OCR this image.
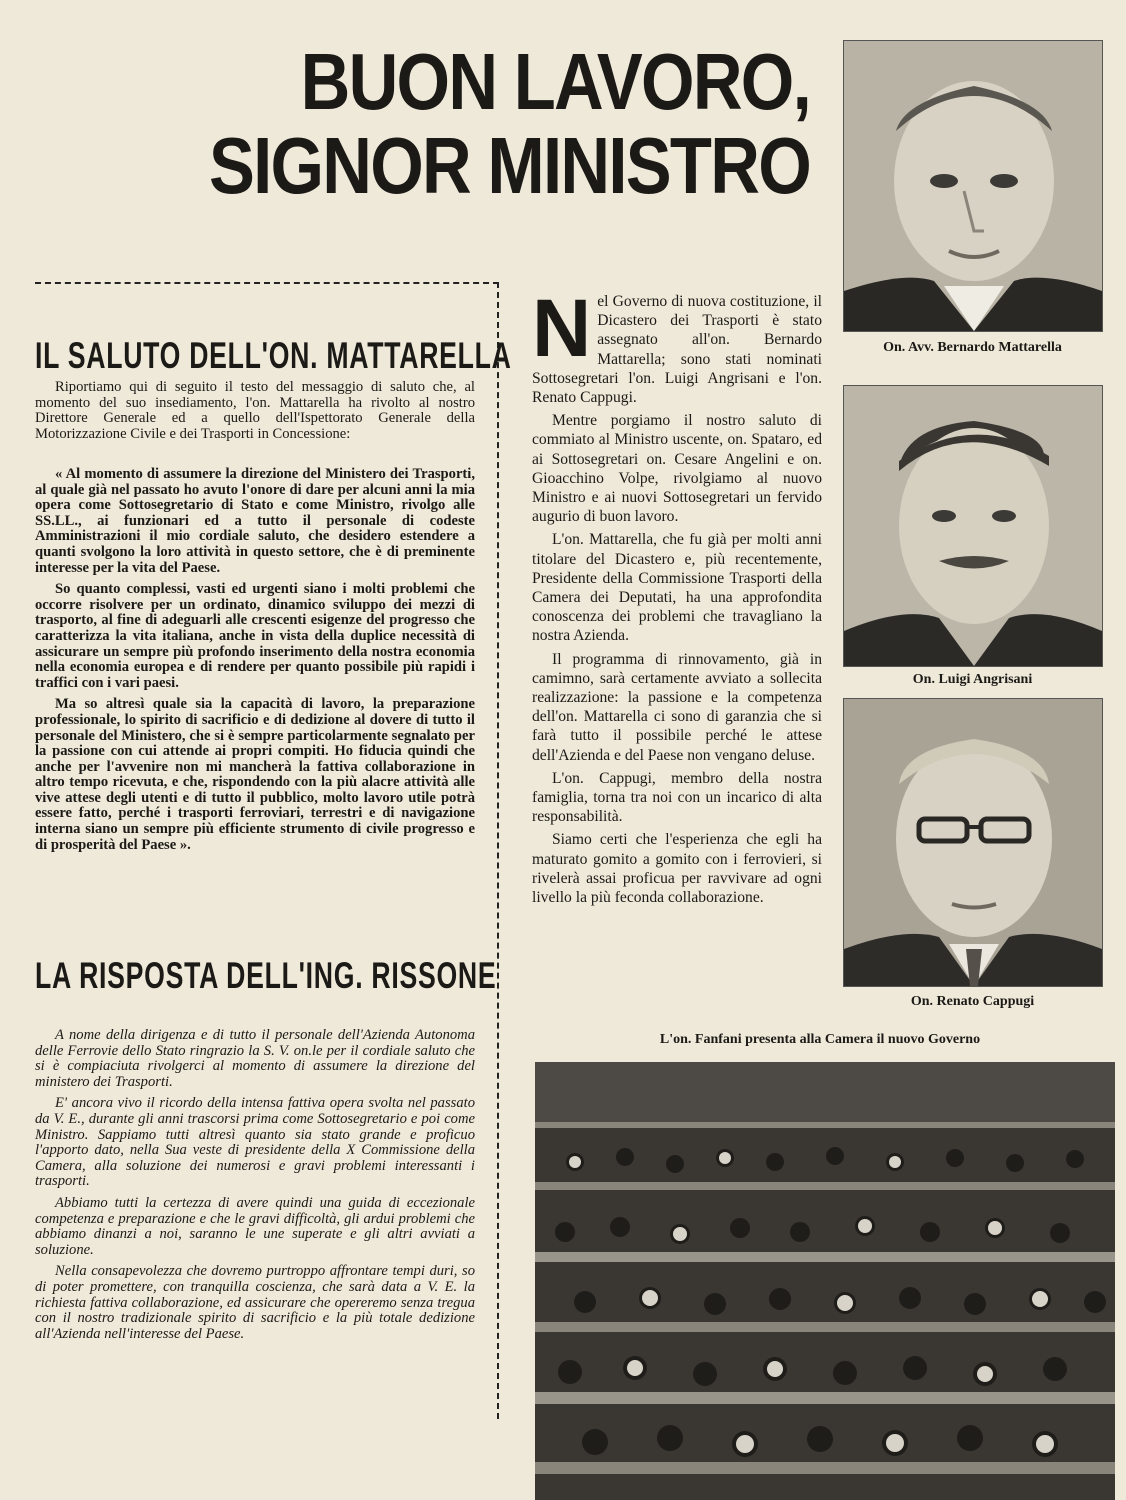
BUON LAVORO,
SIGNOR MINISTRO
IL SALUTO DELL'ON. MATTARELLA

Riportiamo qui di seguito il testo del messaggio di saluto che, al momento del suo insediamento, l'on. Mattarella ha rivolto al nostro Direttore Generale ed a quello dell'Ispettorato Generale della Motorizzazione Civile e dei Trasporti in Concessione:

« Al momento di assumere la direzione del Ministero dei Trasporti, al quale già nel passato ho avuto l'onore di dare per alcuni anni la mia opera come Sottosegretario di Stato e come Ministro, rivolgo alle SS.LL., ai funzionari ed a tutto il personale di codeste Amministrazioni il mio cordiale saluto, che desidero estendere a quanti svolgono la loro attività in questo settore, che è di preminente interesse per la vita del Paese.

So quanto complessi, vasti ed urgenti siano i molti problemi che occorre risolvere per un ordinato, dinamico sviluppo dei mezzi di trasporto, al fine di adeguarli alle crescenti esigenze del progresso che caratterizza la vita italiana, anche in vista della duplice necessità di assicurare un sempre più profondo inserimento della nostra economia nella economia europea e di rendere per quanto possibile più rapidi i traffici con i vari paesi.

Ma so altresì quale sia la capacità di lavoro, la preparazione professionale, lo spirito di sacrificio e di dedizione al dovere di tutto il personale del Ministero, che si è sempre particolarmente segnalato per la passione con cui attende ai propri compiti. Ho fiducia quindi che anche per l'avvenire non mi mancherà la fattiva collaborazione in altro tempo ricevuta, e che, rispondendo con la più alacre attività alle vive attese degli utenti e di tutto il pubblico, molto lavoro utile potrà essere fatto, perché i trasporti ferroviari, terrestri e di navigazione interna siano un sempre più efficiente strumento di civile progresso e di prosperità del Paese ».

LA RISPOSTA DELL'ING. RISSONE

A nome della dirigenza e di tutto il personale dell'Azienda Autonoma delle Ferrovie dello Stato ringrazio la S. V. on.le per il cordiale saluto che si è compiaciuta rivolgerci al momento di assumere la direzione del ministero dei Trasporti.

E' ancora vivo il ricordo della intensa fattiva opera svolta nel passato da V. E., durante gli anni trascorsi prima come Sottosegretario e poi come Ministro. Sappiamo tutti altresì quanto sia stato grande e proficuo l'apporto dato, nella Sua veste di presidente della X Commissione della Camera, alla soluzione dei numerosi e gravi problemi interessanti i trasporti.

Abbiamo tutti la certezza di avere quindi una guida di eccezionale competenza e preparazione e che le gravi difficoltà, gli ardui problemi che abbiamo dinanzi a noi, saranno le une superate e gli altri avviati a soluzione.

Nella consapevolezza che dovremo purtroppo affrontare tempi duri, so di poter promettere, con tranquilla coscienza, che sarà data a V. E. la richiesta fattiva collaborazione, ed assicurare che opereremo senza tregua con il nostro tradizionale spirito di sacrificio e la più totale dedizione all'Azienda nell'interesse del Paese.

Nel Governo di nuova costituzione, il Dicastero dei Trasporti è stato assegnato all'on. Bernardo Mattarella; sono stati nominati Sottosegretari l'on. Luigi Angrisani e l'on. Renato Cappugi.

Mentre porgiamo il nostro saluto di commiato al Ministro uscente, on. Spataro, ed ai Sottosegretari on. Cesare Angelini e on. Gioacchino Volpe, rivolgiamo al nuovo Ministro e ai nuovi Sottosegretari un fervido augurio di buon lavoro.

L'on. Mattarella, che fu già per molti anni titolare del Dicastero e, più recentemente, Presidente della Commissione Trasporti della Camera dei Deputati, ha una approfondita conoscenza dei problemi che travagliano la nostra Azienda.

Il programma di rinnovamento, già in camimno, sarà certamente avviato a sollecita realizzazione: la passione e la competenza dell'on. Mattarella ci sono di garanzia che si farà tutto il possibile perché le attese dell'Azienda e del Paese non vengano deluse.

L'on. Cappugi, membro della nostra famiglia, torna tra noi con un incarico di alta responsabilità.

Siamo certi che l'esperienza che egli ha maturato gomito a gomito con i ferrovieri, si rivelerà assai proficua per ravvivare ad ogni livello la più feconda collaborazione.

On. Avv. Bernardo Mattarella
On. Luigi Angrisani
On. Renato Cappugi
L'on. Fanfani presenta alla Camera il nuovo Governo
